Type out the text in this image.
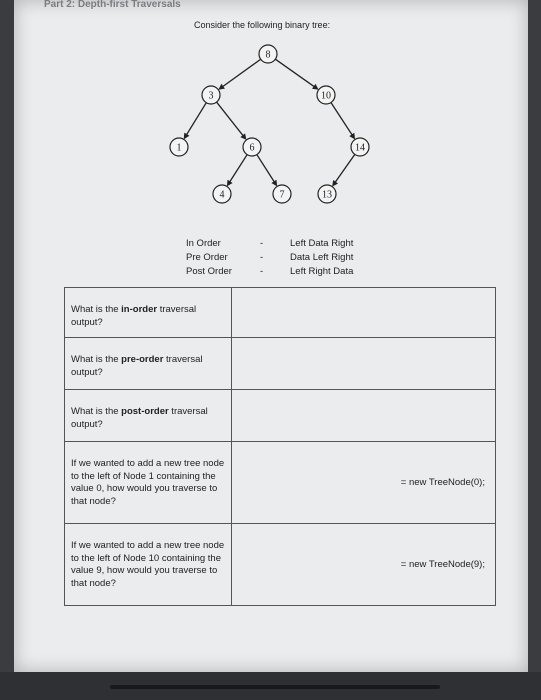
Part 2: Depth-first Traversals
Consider the following binary tree:
8
3	10
1	6	14
4	7	13
In Order	-	Left Data Right
Pre Order	-	Data Left Right
Post Order	-	Left Right Data
What is the in-order traversal output?	
What is the pre-order traversal output?	
What is the post-order traversal output?	
If we wanted to add a new tree node to the left of Node 1 containing the value 0, how would you traverse to that node?	= new TreeNode(0);
If we wanted to add a new tree node to the left of Node 10 containing the value 9, how would you traverse to that node?	= new TreeNode(9);
